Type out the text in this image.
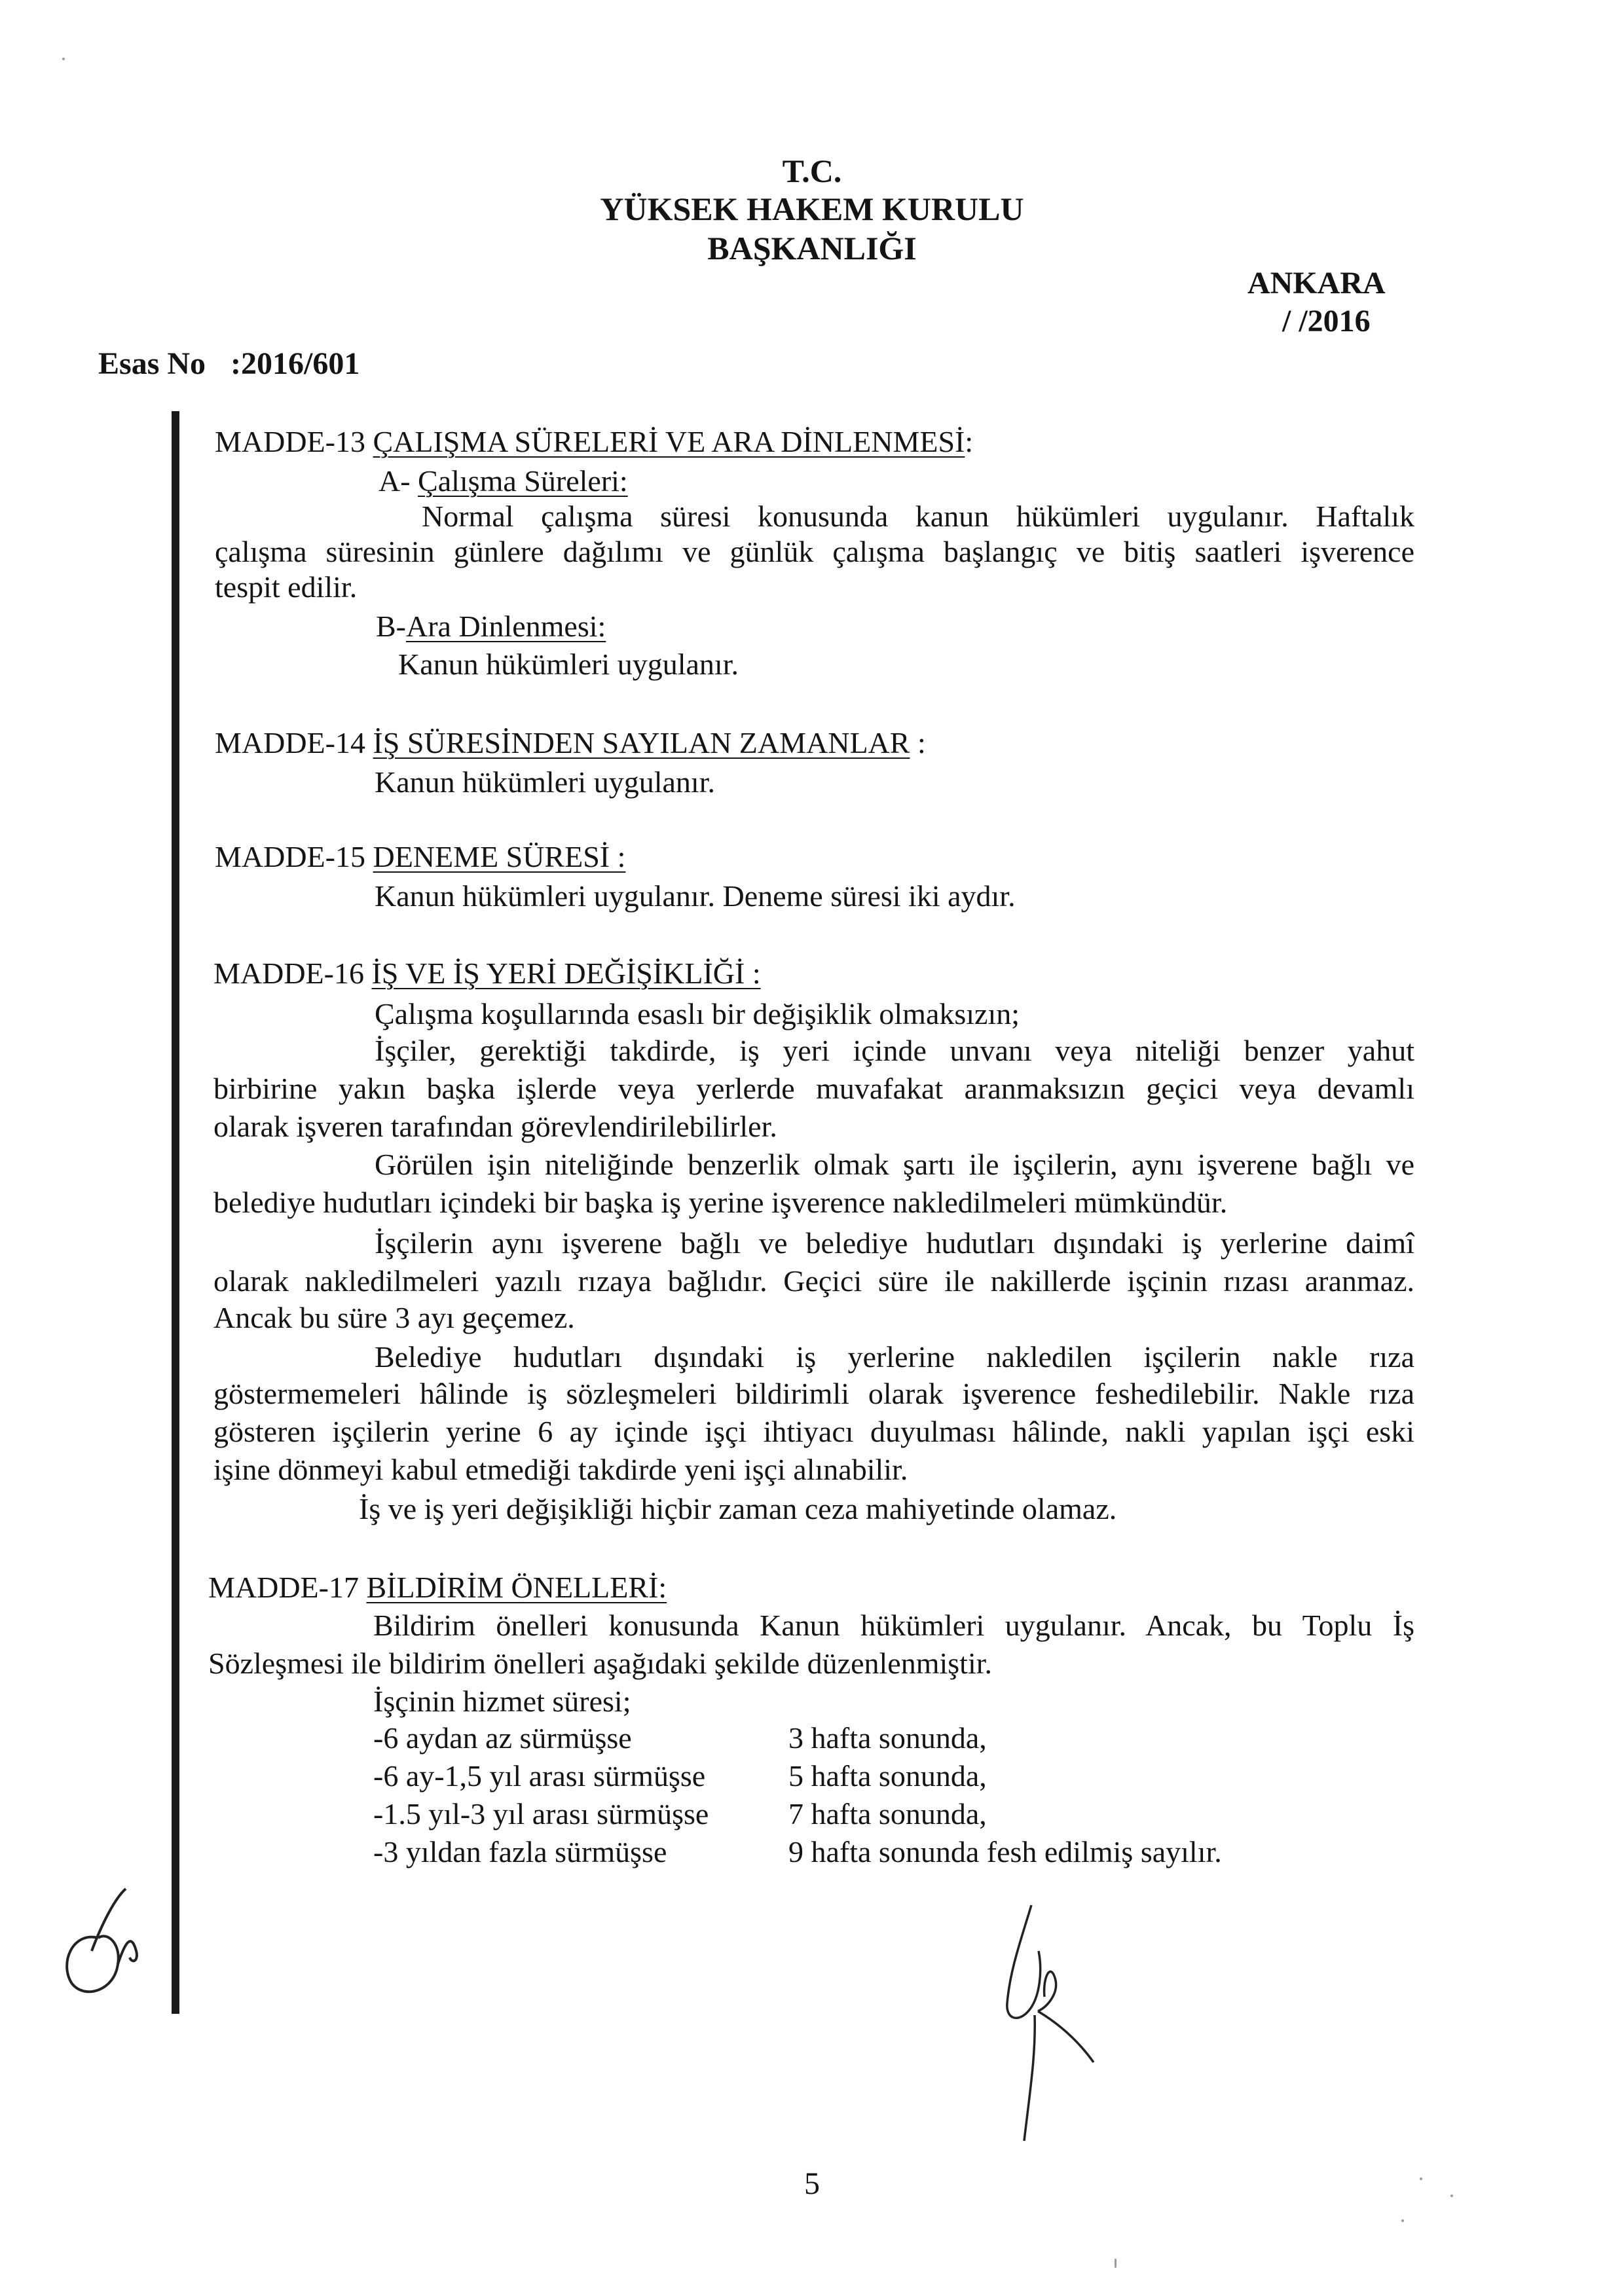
T.C.
YÜKSEK HAKEM KURULU
BAŞKANLIĞI
ANKARA
/ /2016
Esas No :2016/601
MADDE-13 ÇALIŞMA SÜRELERİ VE ARA DİNLENMESİ:
A- Çalışma Süreleri:
Normal çalışma süresi konusunda kanun hükümleri uygulanır. Haftalık
çalışma süresinin günlere dağılımı ve günlük çalışma başlangıç ve bitiş saatleri işverence
tespit edilir.
B-Ara Dinlenmesi:
Kanun hükümleri uygulanır.
MADDE-14 İŞ SÜRESİNDEN SAYILAN ZAMANLAR :
Kanun hükümleri uygulanır.
MADDE-15 DENEME SÜRESİ :
Kanun hükümleri uygulanır. Deneme süresi iki aydır.
MADDE-16 İŞ VE İŞ YERİ DEĞİŞİKLİĞİ :
Çalışma koşullarında esaslı bir değişiklik olmaksızın;
İşçiler, gerektiği takdirde, iş yeri içinde unvanı veya niteliği benzer yahut
birbirine yakın başka işlerde veya yerlerde muvafakat aranmaksızın geçici veya devamlı
olarak işveren tarafından görevlendirilebilirler.
Görülen işin niteliğinde benzerlik olmak şartı ile işçilerin, aynı işverene bağlı ve
belediye hudutları içindeki bir başka iş yerine işverence nakledilmeleri mümkündür.
İşçilerin aynı işverene bağlı ve belediye hudutları dışındaki iş yerlerine daimî
olarak nakledilmeleri yazılı rızaya bağlıdır. Geçici süre ile nakillerde işçinin rızası aranmaz.
Ancak bu süre 3 ayı geçemez.
Belediye hudutları dışındaki iş yerlerine nakledilen işçilerin nakle rıza
göstermemeleri hâlinde iş sözleşmeleri bildirimli olarak işverence feshedilebilir. Nakle rıza
gösteren işçilerin yerine 6 ay içinde işçi ihtiyacı duyulması hâlinde, nakli yapılan işçi eski
işine dönmeyi kabul etmediği takdirde yeni işçi alınabilir.
İş ve iş yeri değişikliği hiçbir zaman ceza mahiyetinde olamaz.
MADDE-17 BİLDİRİM ÖNELLERİ:
Bildirim önelleri konusunda Kanun hükümleri uygulanır. Ancak, bu Toplu İş
Sözleşmesi ile bildirim önelleri aşağıdaki şekilde düzenlenmiştir.
İşçinin hizmet süresi;
-6 aydan az sürmüşse	3 hafta sonunda,
-6 ay-1,5 yıl arası sürmüşse	5 hafta sonunda,
-1.5 yıl-3 yıl arası sürmüşse	7 hafta sonunda,
-3 yıldan fazla sürmüşse	9 hafta sonunda fesh edilmiş sayılır.
5
